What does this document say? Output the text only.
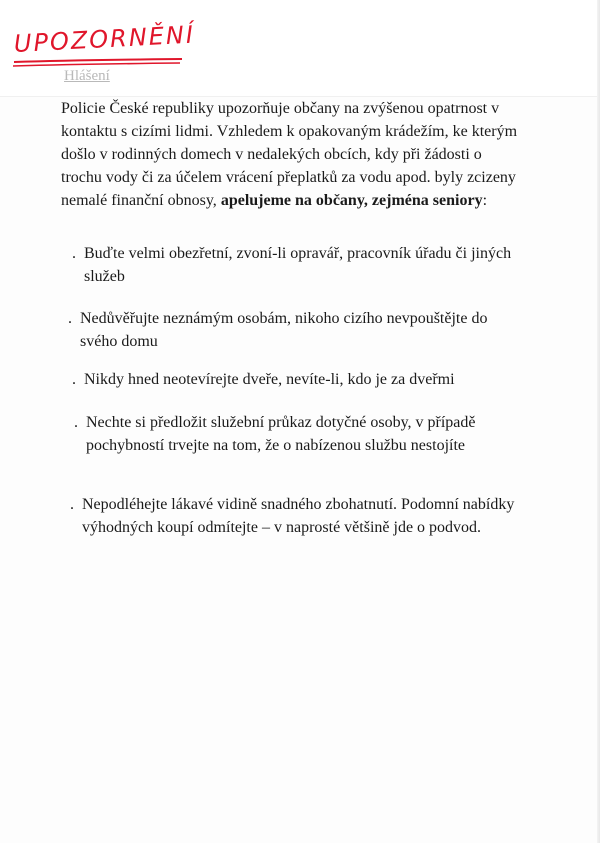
UPOZORNĚNÍ
Hlášení
Policie České republiky upozorňuje občany na zvýšenou opatrnost v kontaktu s cizími lidmi. Vzhledem k opakovaným krádežím, ke kterým došlo v rodinných domech v nedalekých obcích, kdy při žádosti o trochu vody či za účelem vrácení přeplatků za vodu apod. byly zcizeny nemalé finanční obnosy, apelujeme na občany, zejména seniory:
. Buďte velmi obezřetní, zvoní-li opravář, pracovník úřadu či jiných služeb
. Nedůvěřujte neznámým osobám, nikoho cizího nevpouštějte do svého domu
. Nikdy hned neotevírejte dveře, nevíte-li, kdo je za dveřmi
. Nechte si předložit služební průkaz dotyčné osoby, v případě pochybností trvejte na tom, že o nabízenou službu nestojíte
. Nepodléhejte lákavé vidině snadného zbohatnutí. Podomní nabídky výhodných koupí odmítejte – v naprosté většině jde o podvod.
